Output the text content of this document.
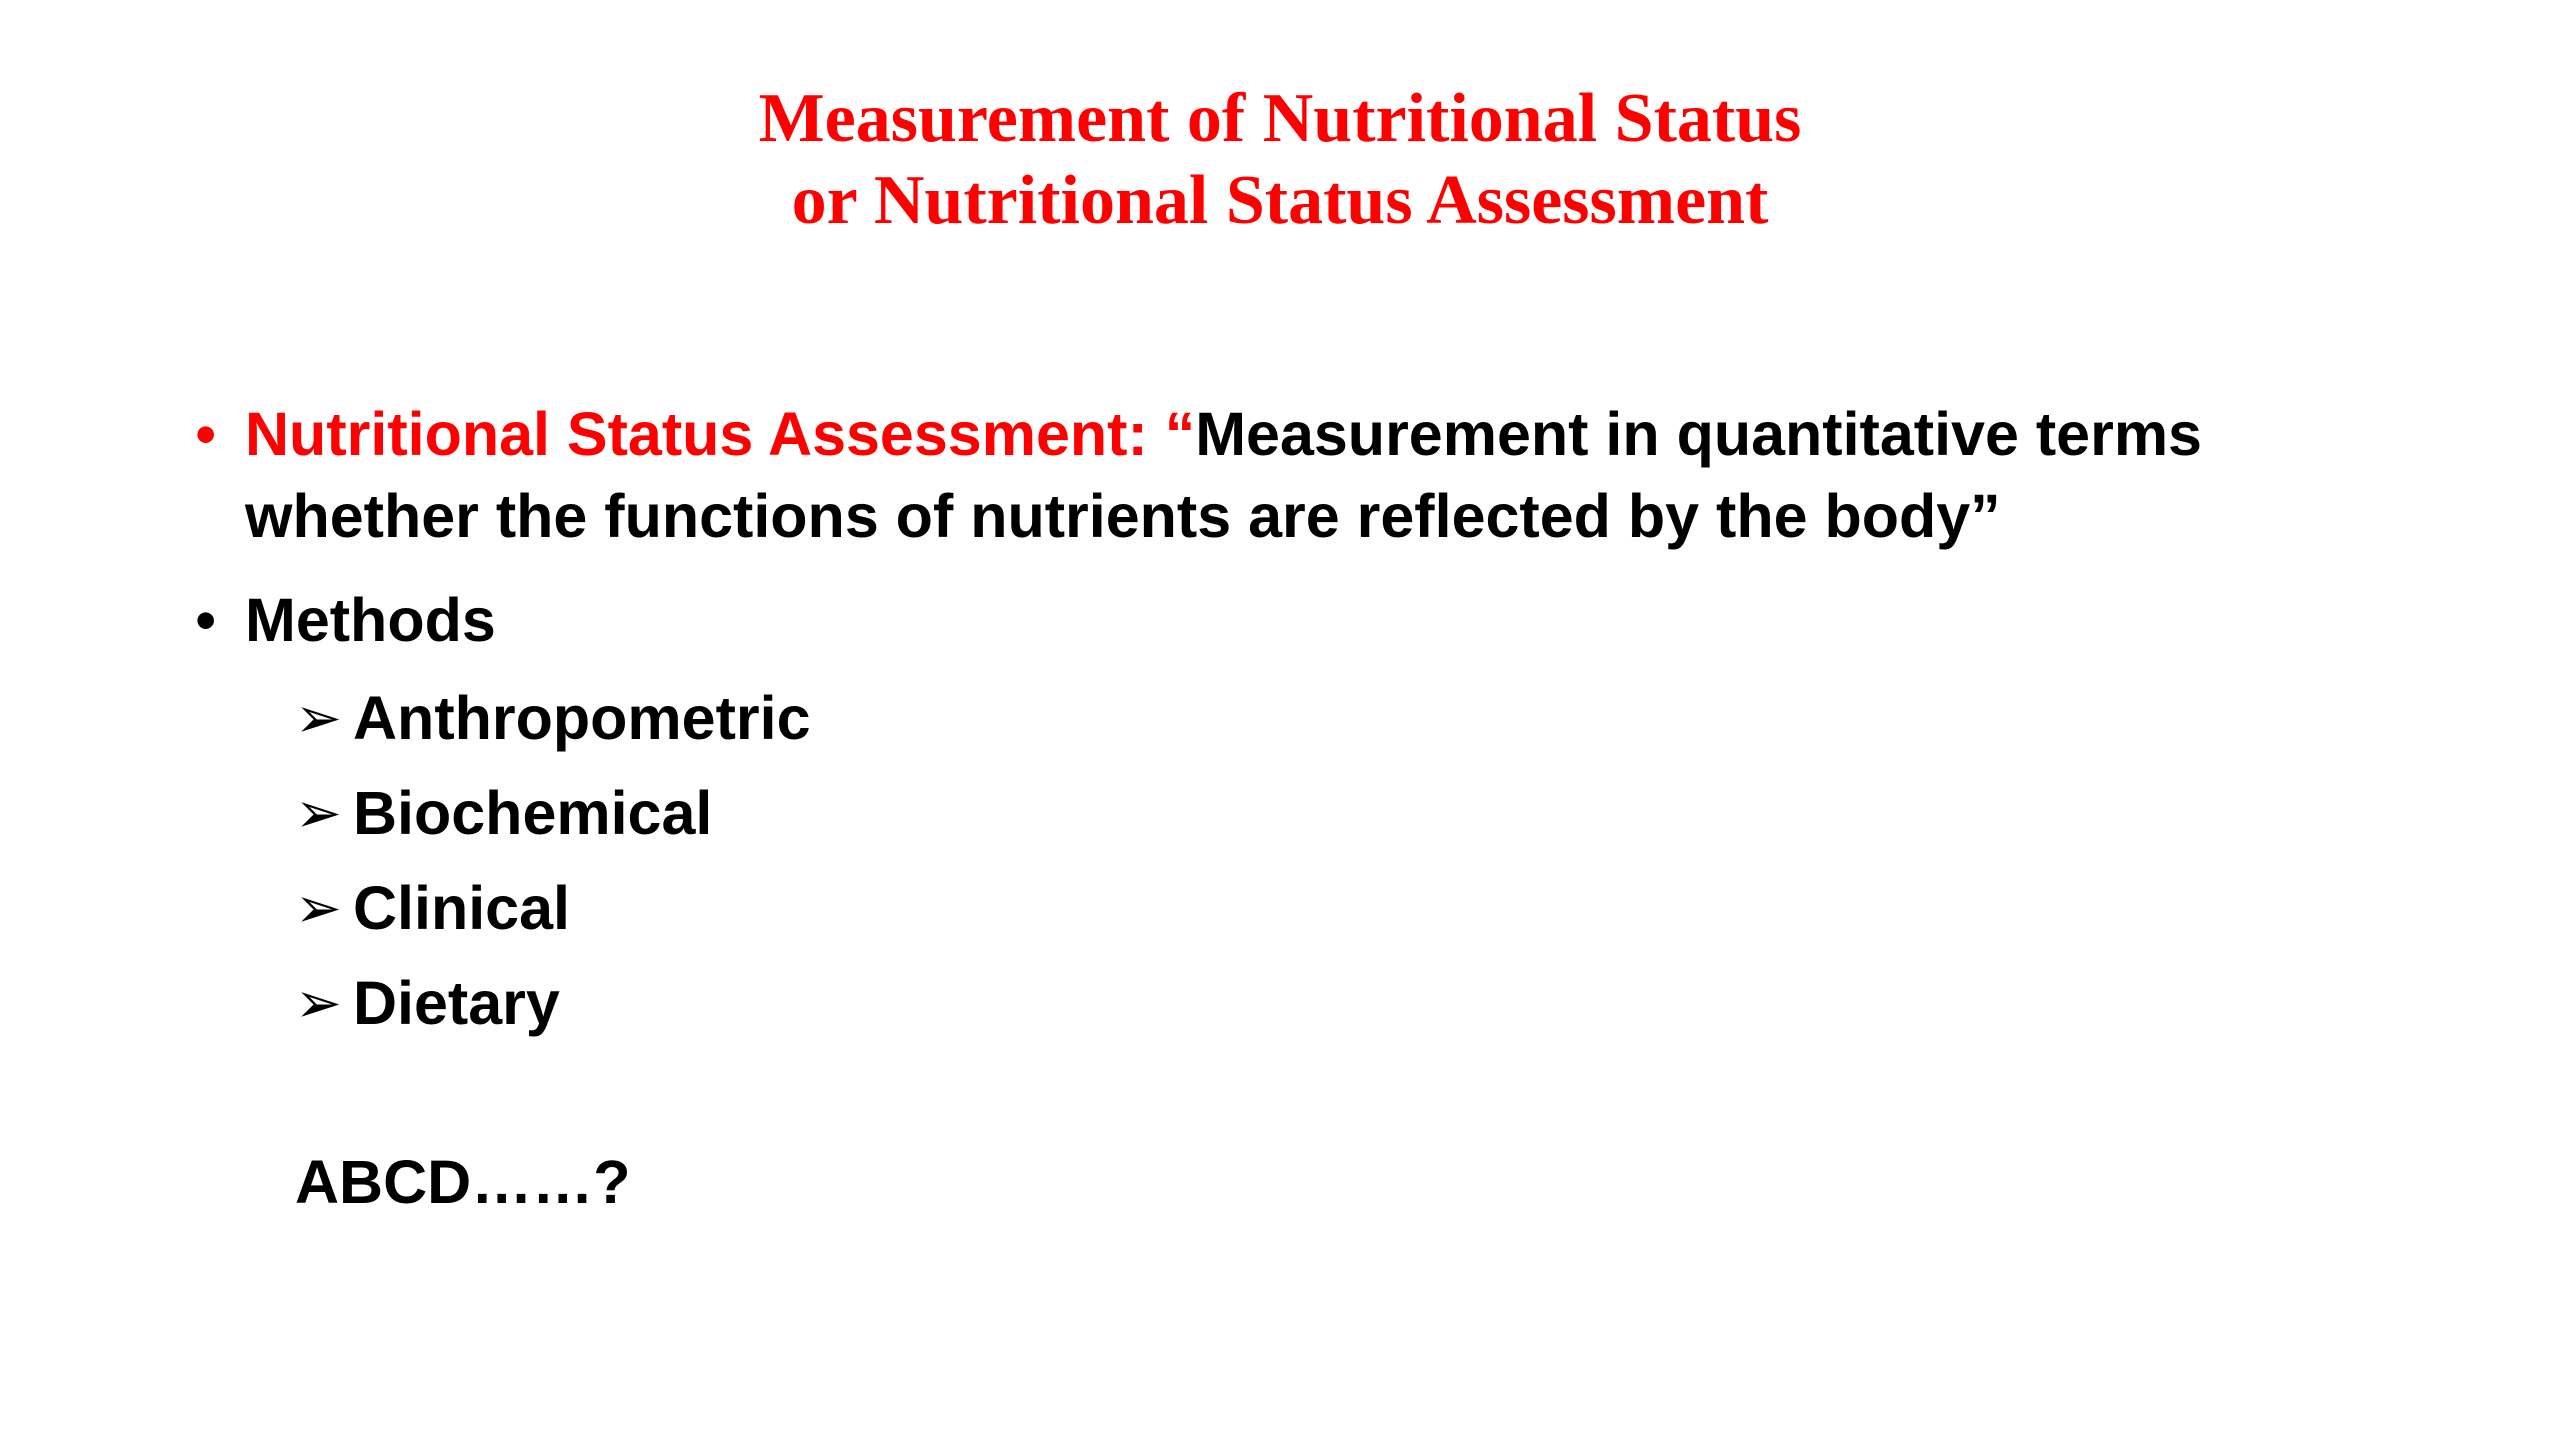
Measurement of Nutritional Status
or Nutritional Status Assessment
• Nutritional Status Assessment: “Measurement in quantitative terms
whether the functions of nutrients are reflected by the body”
• Methods
➢ Anthropometric
➢ Biochemical
➢ Clinical
➢ Dietary
ABCD……?
